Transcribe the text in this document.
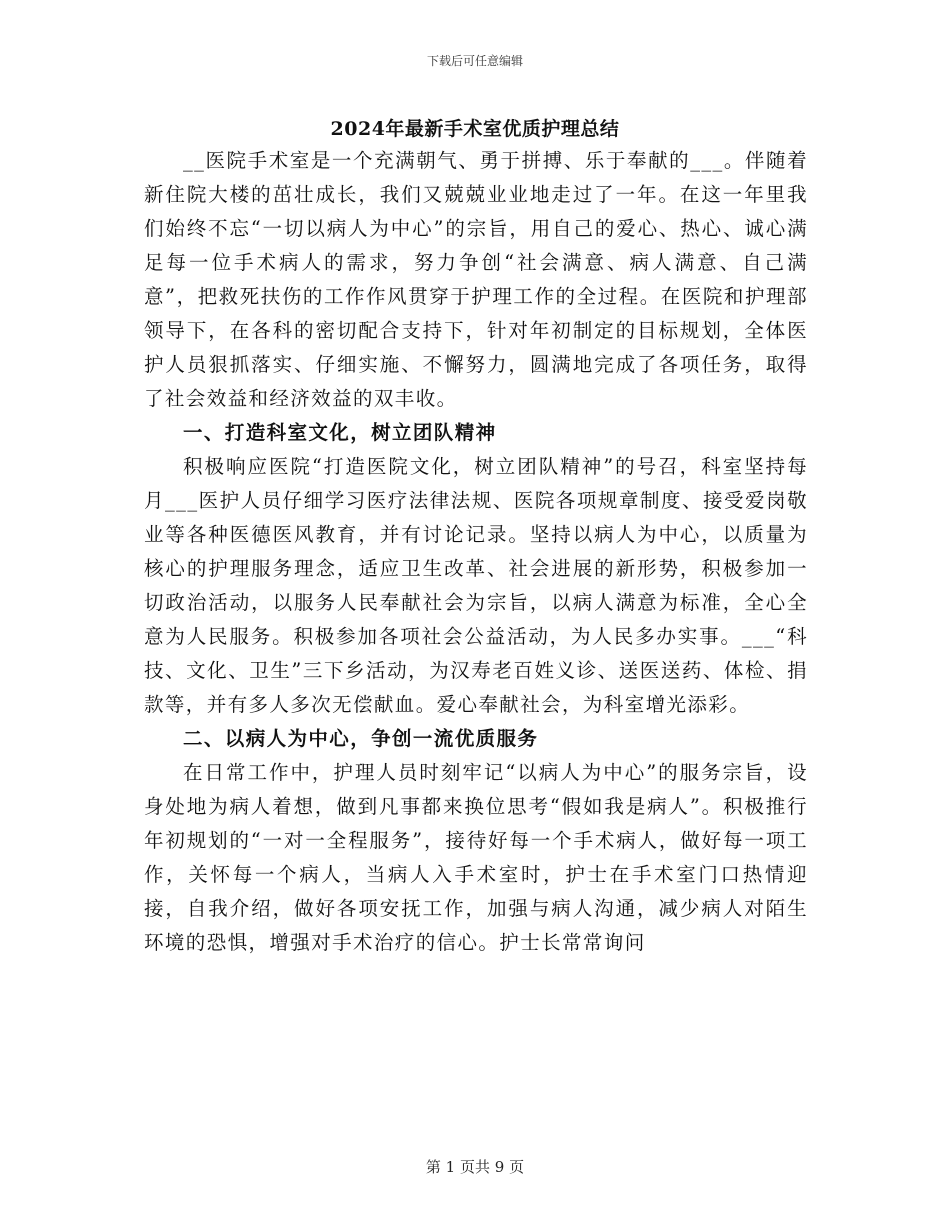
下载后可任意编辑
2024年最新手术室优质护理总结

__医院手术室是一个充满朝气、勇于拼搏、乐于奉献的___。伴随着新住院大楼的茁壮成长，我们又兢兢业业地走过了一年。在这一年里我们始终不忘“一切以病人为中心”的宗旨，用自己的爱心、热心、诚心满足每一位手术病人的需求，努力争创“社会满意、病人满意、自己满意”，把救死扶伤的工作作风贯穿于护理工作的全过程。在医院和护理部领导下，在各科的密切配合支持下，针对年初制定的目标规划，全体医护人员狠抓落实、仔细实施、不懈努力，圆满地完成了各项任务，取得了社会效益和经济效益的双丰收。

一、打造科室文化，树立团队精神

积极响应医院“打造医院文化，树立团队精神”的号召，科室坚持每月___医护人员仔细学习医疗法律法规、医院各项规章制度、接受爱岗敬业等各种医德医风教育，并有讨论记录。坚持以病人为中心，以质量为核心的护理服务理念，适应卫生改革、社会进展的新形势，积极参加一切政治活动，以服务人民奉献社会为宗旨，以病人满意为标准，全心全意为人民服务。积极参加各项社会公益活动，为人民多办实事。___“科技、文化、卫生”三下乡活动，为汉寿老百姓义诊、送医送药、体检、捐款等，并有多人多次无偿献血。爱心奉献社会，为科室增光添彩。

二、以病人为中心，争创一流优质服务

在日常工作中，护理人员时刻牢记“以病人为中心”的服务宗旨，设身处地为病人着想，做到凡事都来换位思考“假如我是病人”。积极推行年初规划的“一对一全程服务”，接待好每一个手术病人，做好每一项工作，关怀每一个病人，当病人入手术室时，护士在手术室门口热情迎接，自我介绍，做好各项安抚工作，加强与病人沟通，减少病人对陌生环境的恐惧，增强对手术治疗的信心。护士长常常询问

第 1 页共 9 页
